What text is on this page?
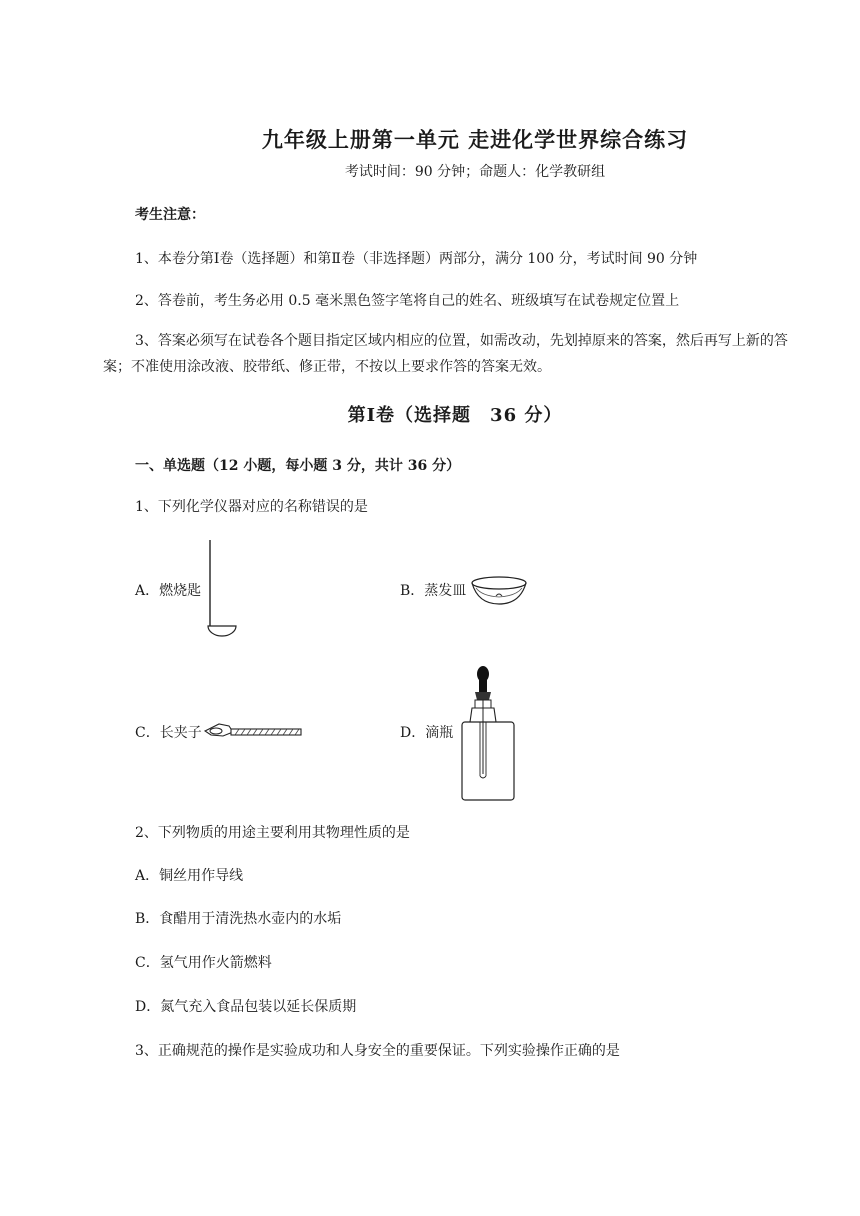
九年级上册第一单元 走进化学世界综合练习
考试时间：90 分钟；命题人：化学教研组
考生注意：
1、本卷分第Ⅰ卷（选择题）和第Ⅱ卷（非选择题）两部分，满分 100 分，考试时间 90 分钟
2、答卷前，考生务必用 0.5 毫米黑色签字笔将自己的姓名、班级填写在试卷规定位置上
3、答案必须写在试卷各个题目指定区域内相应的位置，如需改动，先划掉原来的答案，然后再写上新的答案；不准使用涂改液、胶带纸、修正带，不按以上要求作答的答案无效。
第Ⅰ卷（选择题　36 分）
一、单选题（12 小题，每小题 3 分，共计 36 分）
1、下列化学仪器对应的名称错误的是
A．燃烧匙	B．蒸发皿
C．长夹子	D．滴瓶
2、下列物质的用途主要利用其物理性质的是
A．铜丝用作导线
B．食醋用于清洗热水壶内的水垢
C．氢气用作火箭燃料
D．氮气充入食品包装以延长保质期
3、正确规范的操作是实验成功和人身安全的重要保证。下列实验操作正确的是
